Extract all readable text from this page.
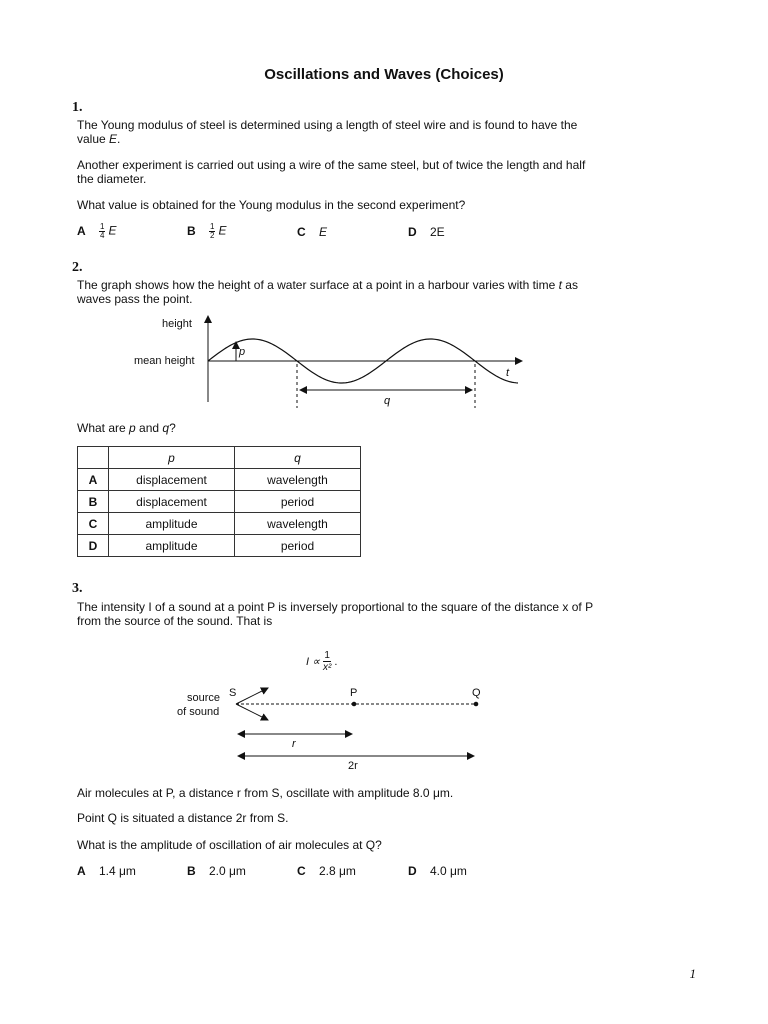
Oscillations and Waves (Choices)
1.
The Young modulus of steel is determined using a length of steel wire and is found to have the
value E.
Another experiment is carried out using a wire of the same steel, but of twice the length and half
the diameter.
What value is obtained for the Young modulus in the second experiment?
A $\frac{1}{4}$ E	B $\frac{1}{2}$ E	C E	D 2E
2.
The graph shows how the height of a water surface at a point in a harbour varies with time t as
waves pass the point.
height
mean height
t
p
q
What are p and q?
	p	q
A	displacement	wavelength
B	displacement	period
C	amplitude	wavelength
D	amplitude	period
3.
The intensity I of a sound at a point P is inversely proportional to the square of the distance x of P
from the source of the sound. That is
$I \propto \frac{1}{\text{x²}}$ .
source
of sound
S	P	Q
r
2r
Air molecules at P, a distance r from S, oscillate with amplitude 8.0 μm.
Point Q is situated a distance 2r from S.
What is the amplitude of oscillation of air molecules at Q?
A 1.4 μm	B 2.0 μm	C 2.8 μm	D 4.0 μm
1
